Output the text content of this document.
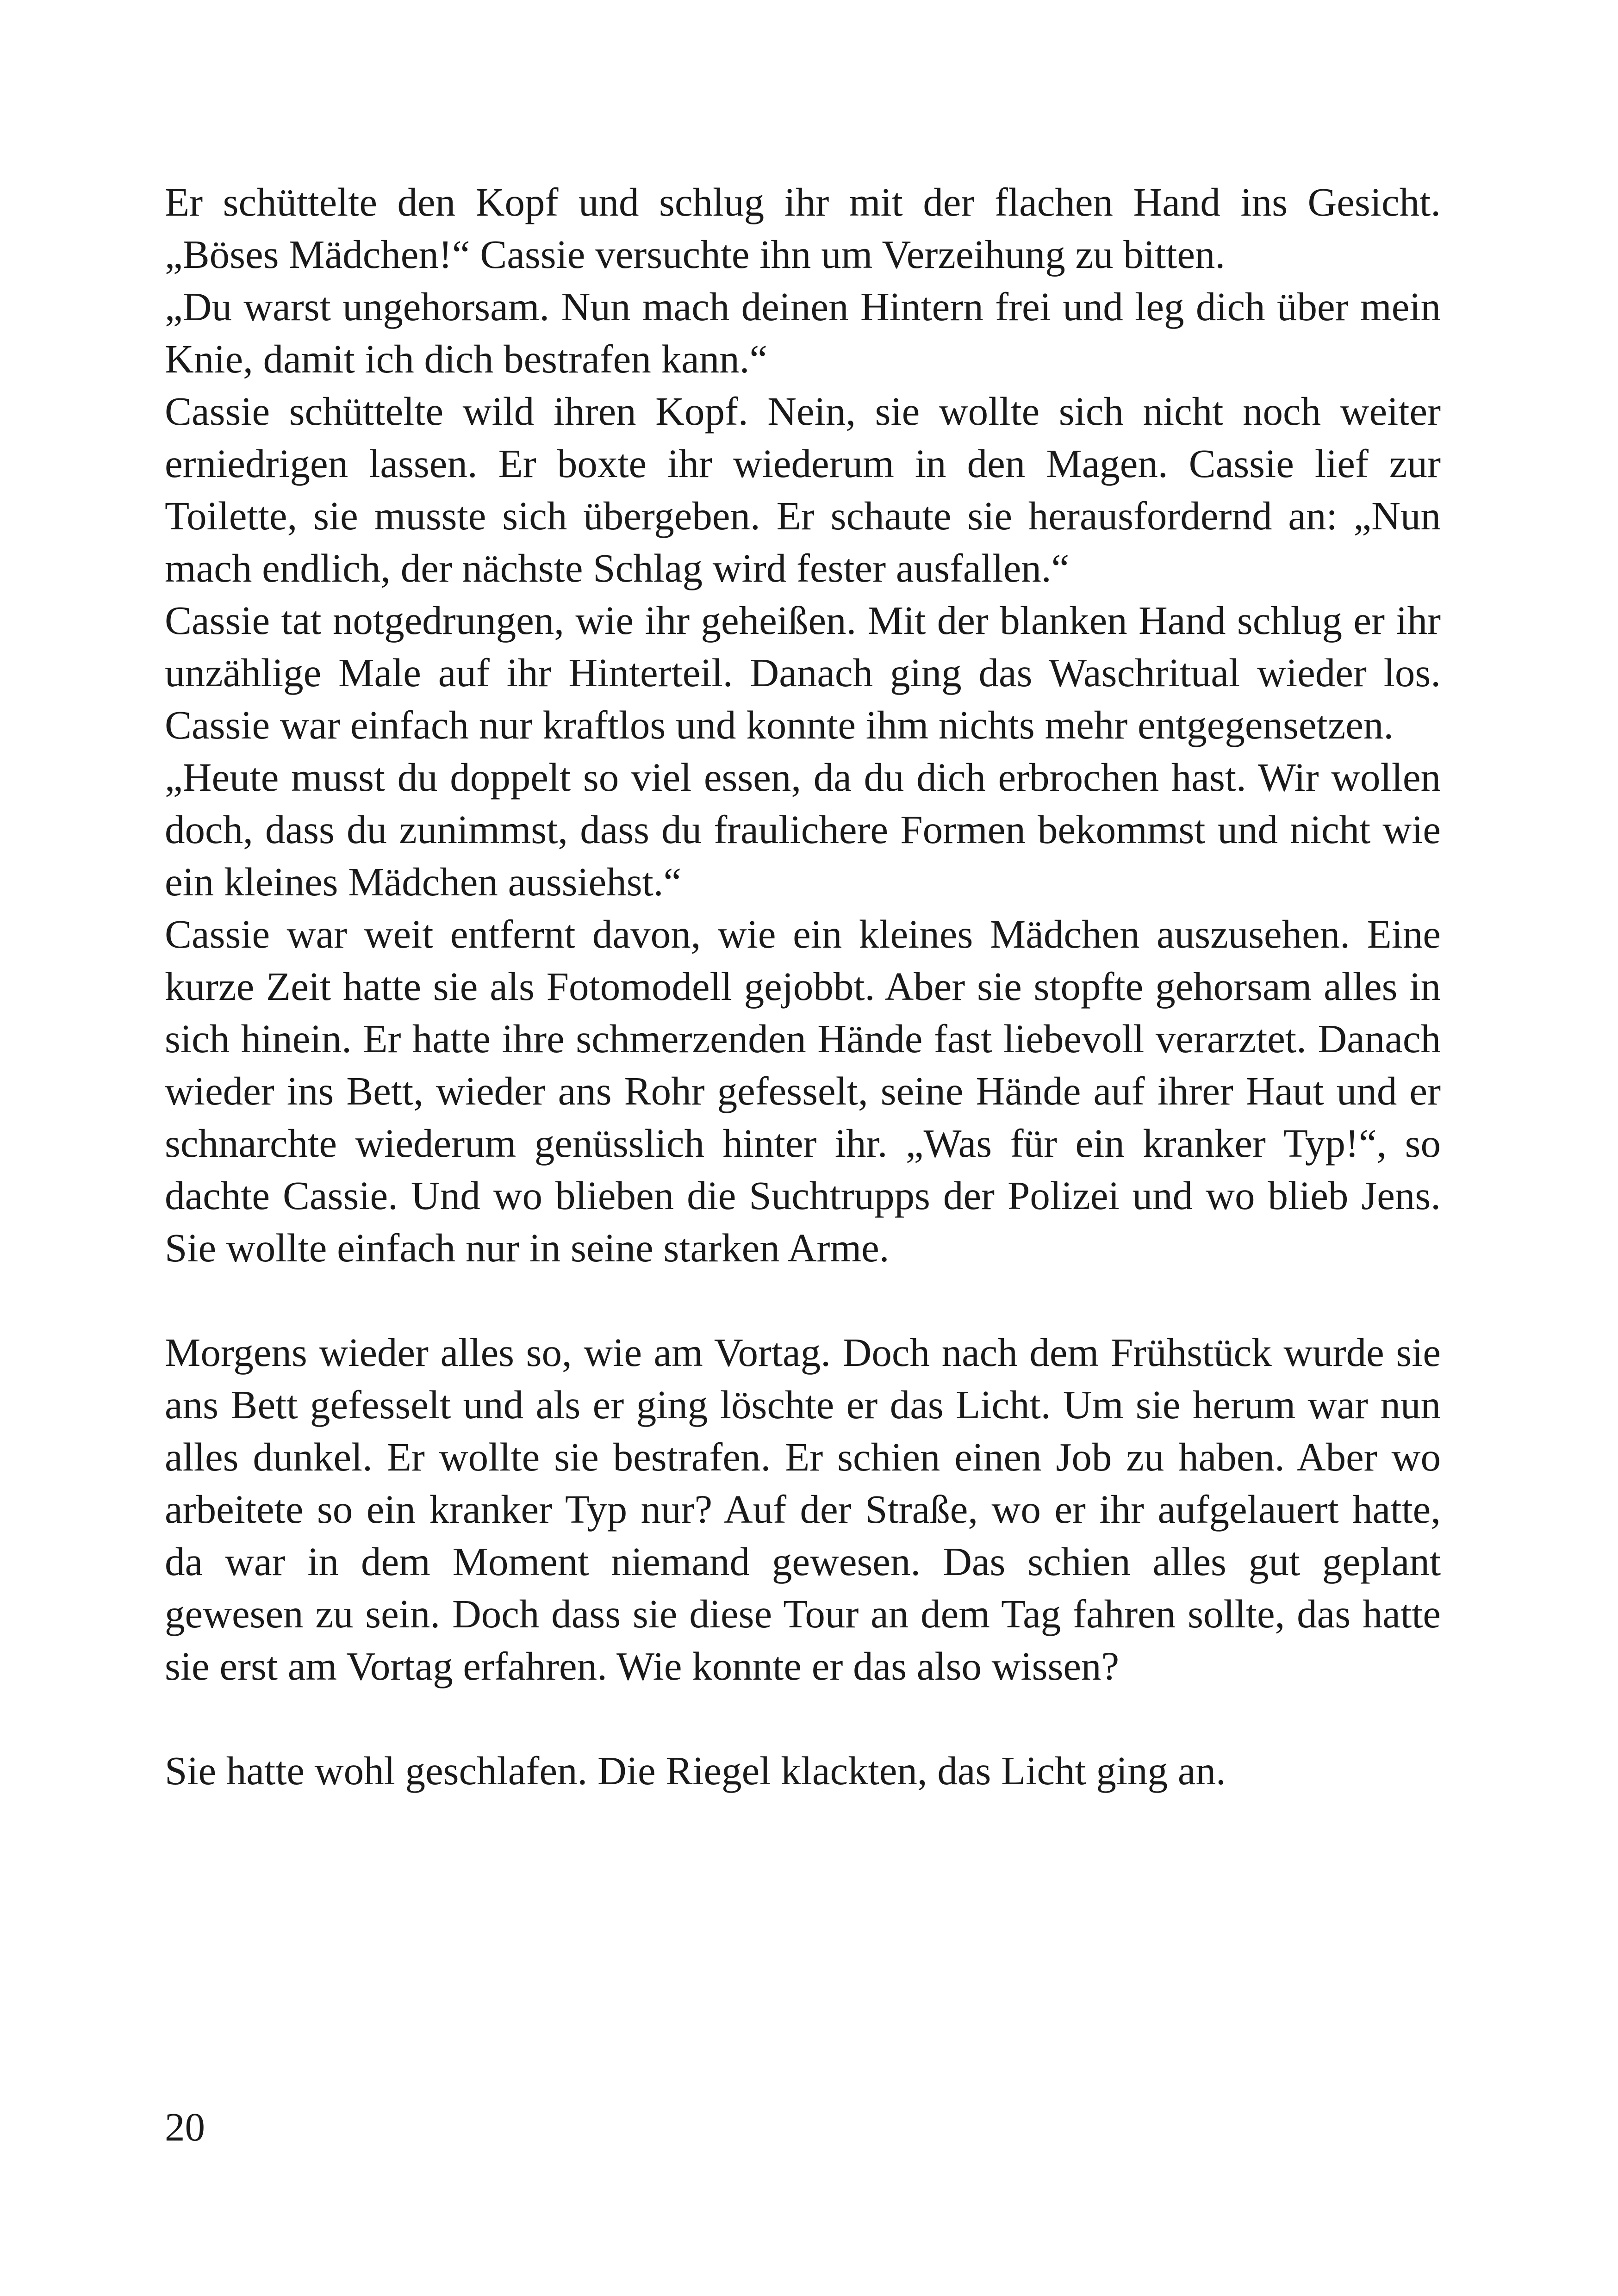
Er schüttelte den Kopf und schlug ihr mit der flachen Hand ins Gesicht. „Böses Mädchen!“ Cassie versuchte ihn um Verzeihung zu bitten.

„Du warst ungehorsam. Nun mach deinen Hintern frei und leg dich über mein Knie, damit ich dich bestrafen kann.“

Cassie schüttelte wild ihren Kopf. Nein, sie wollte sich nicht noch weiter erniedrigen lassen. Er boxte ihr wiederum in den Magen. Cassie lief zur Toilette, sie musste sich übergeben. Er schaute sie herausfordernd an: „Nun mach endlich, der nächste Schlag wird fester ausfallen.“

Cassie tat notgedrungen, wie ihr geheißen. Mit der blanken Hand schlug er ihr unzählige Male auf ihr Hinterteil. Danach ging das Waschritual wieder los. Cassie war einfach nur kraftlos und konnte ihm nichts mehr entgegensetzen.

„Heute musst du doppelt so viel essen, da du dich erbrochen hast. Wir wollen doch, dass du zunimmst, dass du fraulichere Formen bekommst und nicht wie ein kleines Mädchen aussiehst.“

Cassie war weit entfernt davon, wie ein kleines Mädchen auszusehen. Eine kurze Zeit hatte sie als Fotomodell gejobbt. Aber sie stopfte gehorsam alles in sich hinein. Er hatte ihre schmerzenden Hände fast liebevoll verarztet. Danach wieder ins Bett, wieder ans Rohr gefesselt, seine Hände auf ihrer Haut und er schnarchte wiederum genüsslich hinter ihr. „Was für ein kranker Typ!“, so dachte Cassie. Und wo blieben die Suchtrupps der Polizei und wo blieb Jens. Sie wollte einfach nur in seine starken Arme.

Morgens wieder alles so, wie am Vortag. Doch nach dem Frühstück wurde sie ans Bett gefesselt und als er ging löschte er das Licht. Um sie herum war nun alles dunkel. Er wollte sie bestrafen. Er schien einen Job zu haben. Aber wo arbeitete so ein kranker Typ nur? Auf der Straße, wo er ihr aufgelauert hatte, da war in dem Moment niemand gewesen. Das schien alles gut geplant gewesen zu sein. Doch dass sie diese Tour an dem Tag fahren sollte, das hatte sie erst am Vortag erfahren. Wie konnte er das also wissen?

Sie hatte wohl geschlafen. Die Riegel klackten, das Licht ging an.

20
